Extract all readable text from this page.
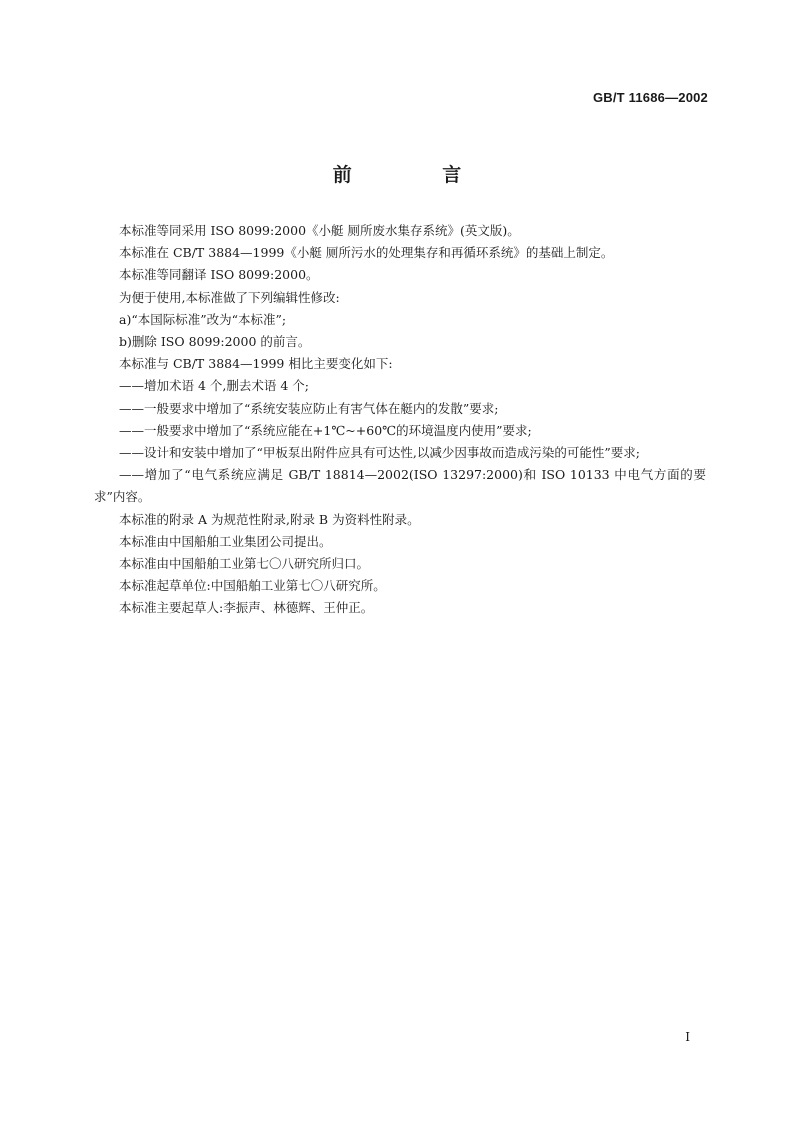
GB/T 11686—2002
前 言

本标准等同采用 ISO 8099:2000《小艇 厕所废水集存系统》(英文版)。

本标准在 CB/T 3884—1999《小艇 厕所污水的处理集存和再循环系统》的基础上制定。

本标准等同翻译 ISO 8099:2000。

为便于使用,本标准做了下列编辑性修改:

a)“本国际标准”改为“本标准”;

b)删除 ISO 8099:2000 的前言。

本标准与 CB/T 3884—1999 相比主要变化如下:

——增加术语 4 个,删去术语 4 个;

——一般要求中增加了“系统安装应防止有害气体在艇内的发散”要求;

——一般要求中增加了“系统应能在+1℃~+60℃的环境温度内使用”要求;

——设计和安装中增加了“甲板泵出附件应具有可达性,以减少因事故而造成污染的可能性”要求;

——增加了“电气系统应满足 GB/T 18814—2002(ISO 13297:2000)和 ISO 10133 中电气方面的要求”内容。

本标准的附录 A 为规范性附录,附录 B 为资料性附录。

本标准由中国船舶工业集团公司提出。

本标准由中国船舶工业第七〇八研究所归口。

本标准起草单位:中国船舶工业第七〇八研究所。

本标准主要起草人:李振声、林德辉、王仲正。

I
